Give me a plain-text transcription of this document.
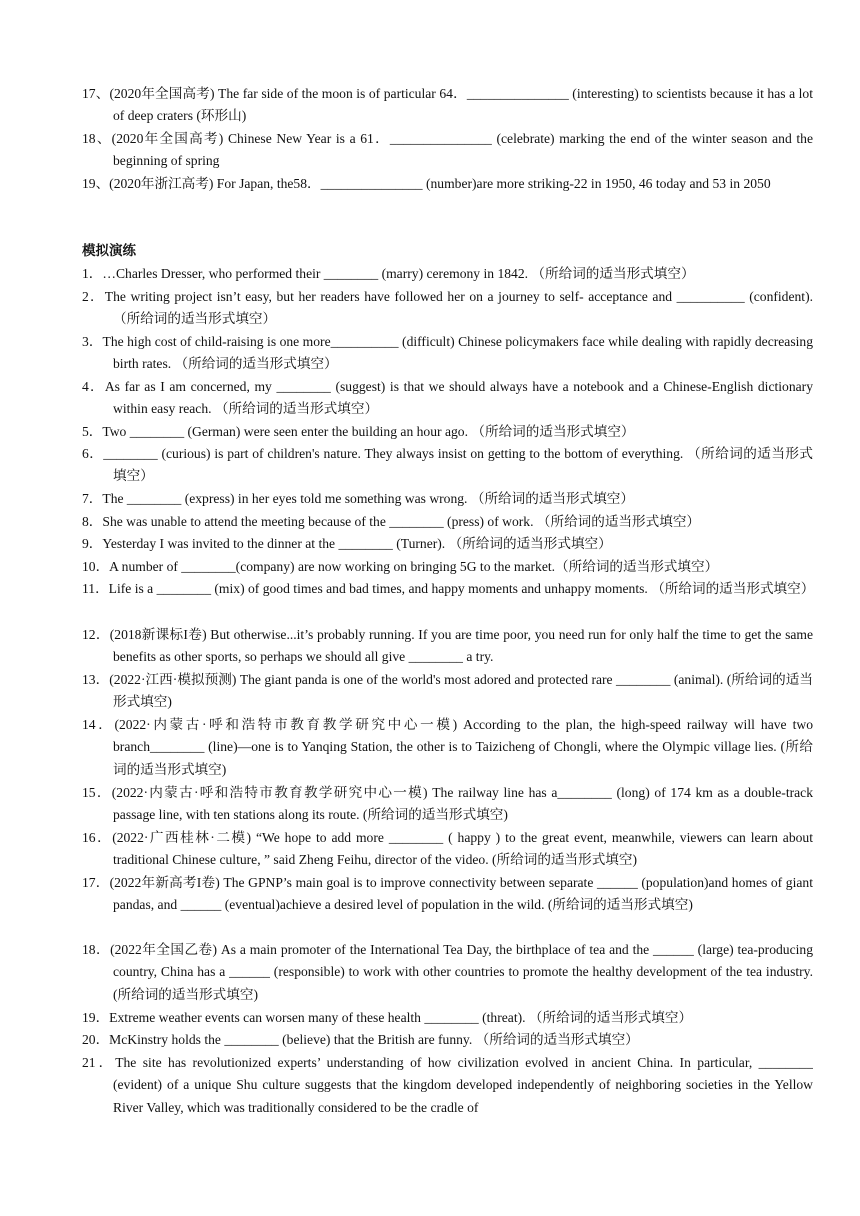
17、(2020年全国高考) The far side of the moon is of particular 64．_______________ (interesting) to scientists because it has a lot of deep craters (环形山)

18、(2020年全国高考) Chinese New Year is a 61．_______________ (celebrate) marking the end of the winter season and the beginning of spring

19、(2020年浙江高考) For Japan, the58．_______________ (number)are more striking-22 in 1950, 46 today and 53 in 2050

模拟演练

1．…Charles Dresser, who performed their ________ (marry) ceremony in 1842. （所给词的适当形式填空）

2．The writing project isn’t easy, but her readers have followed her on a journey to self- acceptance and __________ (confident). （所给词的适当形式填空）

3．The high cost of child-raising is one more__________ (difficult) Chinese policymakers face while dealing with rapidly decreasing birth rates. （所给词的适当形式填空）

4．As far as I am concerned, my ________ (suggest) is that we should always have a notebook and a Chinese-English dictionary within easy reach. （所给词的适当形式填空）

5．Two ________ (German) were seen enter the building an hour ago. （所给词的适当形式填空）

6．________ (curious) is part of children's nature. They always insist on getting to the bottom of everything. （所给词的适当形式填空）

7．The ________ (express) in her eyes told me something was wrong. （所给词的适当形式填空）

8．She was unable to attend the meeting because of the ________ (press) of work. （所给词的适当形式填空）

9．Yesterday I was invited to the dinner at the ________ (Turner). （所给词的适当形式填空）

10．A number of ________(company) are now working on bringing 5G to the market.（所给词的适当形式填空）

11．Life is a ________ (mix) of good times and bad times, and happy moments and unhappy moments. （所给词的适当形式填空）

12．(2018新课标I卷) But otherwise...it’s probably running. If you are time poor, you need run for only half the time to get the same benefits as other sports, so perhaps we should all give ________ a try.

13．(2022·江西·模拟预测) The giant panda is one of the world's most adored and protected rare ________ (animal). (所给词的适当形式填空)

14．(2022·内蒙古·呼和浩特市教育教学研究中心一模) According to the plan, the high-speed railway will have two branch________ (line)—one is to Yanqing Station, the other is to Taizicheng of Chongli, where the Olympic village lies. (所给词的适当形式填空)

15．(2022·内蒙古·呼和浩特市教育教学研究中心一模) The railway line has a________ (long) of 174 km as a double-track passage line, with ten stations along its route. (所给词的适当形式填空)

16．(2022·广西桂林·二模) “We hope to add more ________ ( happy ) to the great event, meanwhile, viewers can learn about traditional Chinese culture, ” said Zheng Feihu, director of the video. (所给词的适当形式填空)

17．(2022年新高考I卷) The GPNP’s main goal is to improve connectivity between separate ______ (population)and homes of giant pandas, and ______ (eventual)achieve a desired level of population in the wild. (所给词的适当形式填空)

18．(2022年全国乙卷) As a main promoter of the International Tea Day, the birthplace of tea and the ______ (large) tea-producing country, China has a ______ (responsible) to work with other countries to promote the healthy development of the tea industry. (所给词的适当形式填空)

19．Extreme weather events can worsen many of these health ________ (threat). （所给词的适当形式填空）

20．McKinstry holds the ________ (believe) that the British are funny. （所给词的适当形式填空）

21．The site has revolutionized experts’ understanding of how civilization evolved in ancient China. In particular, ________ (evident) of a unique Shu culture suggests that the kingdom developed independently of neighboring societies in the Yellow River Valley, which was traditionally considered to be the cradle of
